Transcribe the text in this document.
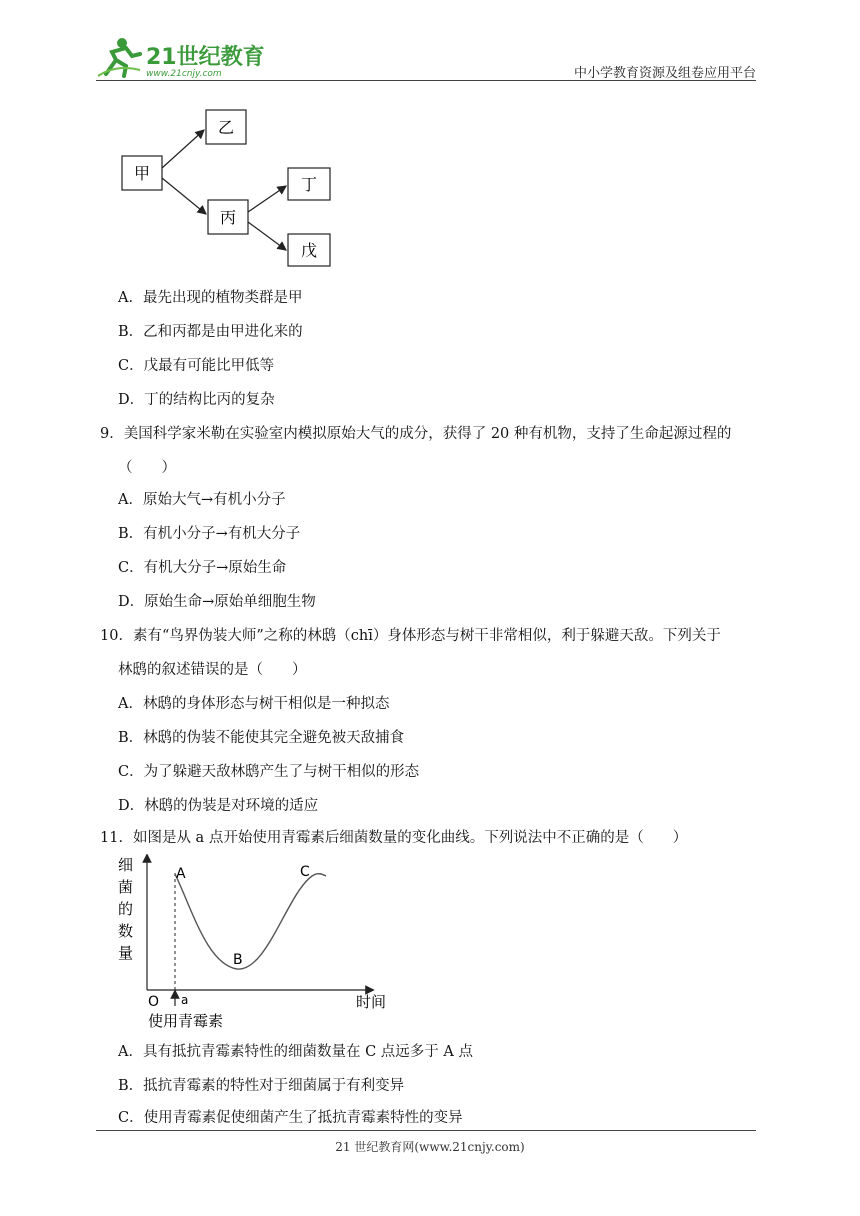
21世纪教育
www.21cnjy.com	中小学教育资源及组卷应用平台
甲
乙
丙
丁
戊
A．最先出现的植物类群是甲
B．乙和丙都是由甲进化来的
C．戊最有可能比甲低等
D．丁的结构比丙的复杂
9．美国科学家米勒在实验室内模拟原始大气的成分，获得了 20 种有机物，支持了生命起源过程的
（　　）
A．原始大气→有机小分子
B．有机小分子→有机大分子
C．有机大分子→原始生命
D．原始生命→原始单细胞生物
10．素有“鸟界伪装大师”之称的林鸱（chī）身体形态与树干非常相似，利于躲避天敌。下列关于
林鸱的叙述错误的是（　　）
A．林鸱的身体形态与树干相似是一种拟态
B．林鸱的伪装不能使其完全避免被天敌捕食
C．为了躲避天敌林鸱产生了与树干相似的形态
D．林鸱的伪装是对环境的适应
11．如图是从 a 点开始使用青霉素后细菌数量的变化曲线。下列说法中不正确的是（　　）
细
菌
的
数
量
A
B
C
O a	时间
使用青霉素
A．具有抵抗青霉素特性的细菌数量在 C 点远多于 A 点
B．抵抗青霉素的特性对于细菌属于有利变异
C．使用青霉素促使细菌产生了抵抗青霉素特性的变异
21 世纪教育网(www.21cnjy.com)
